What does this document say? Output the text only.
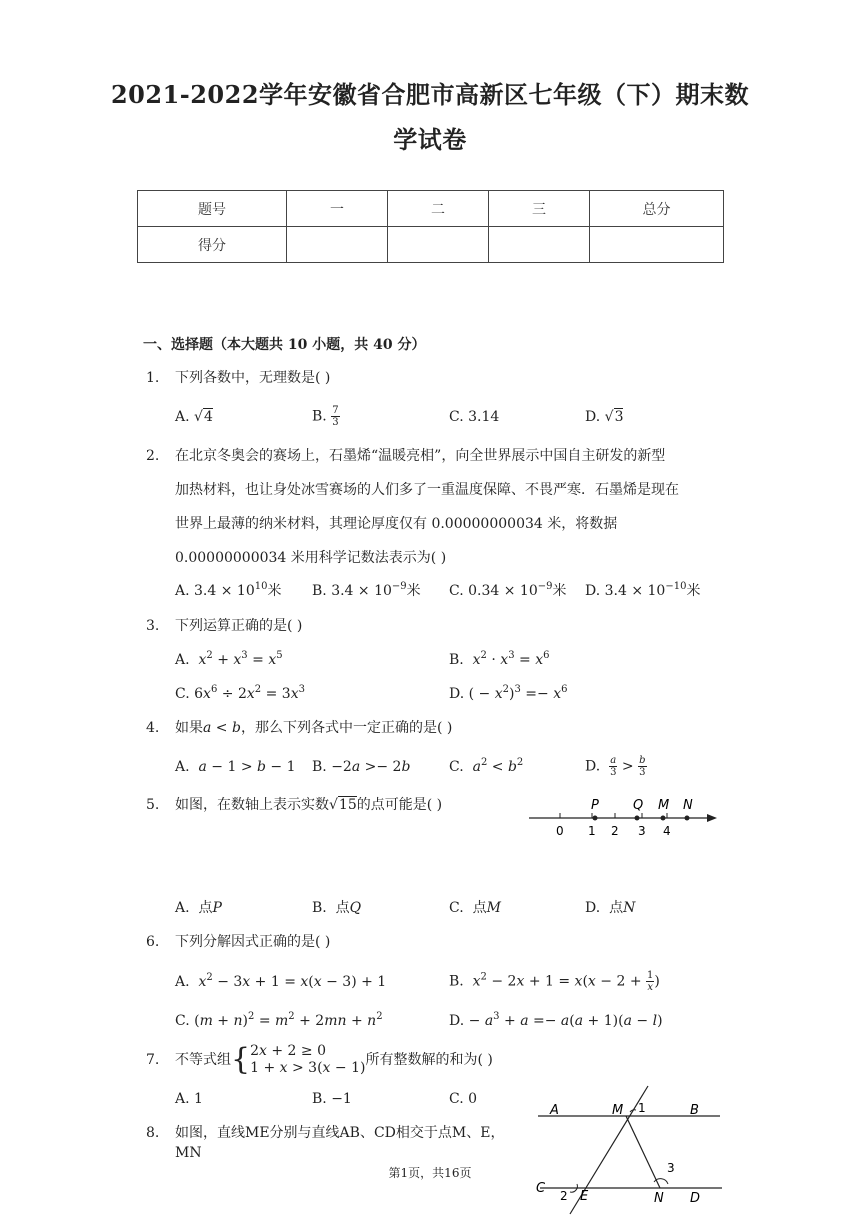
2021-2022学年安徽省合肥市高新区七年级（下）期末数
学试卷
题号	一	二	三	总分
得分				
一、选择题（本大题共 10 小题，共 40 分）
1. 下列各数中，无理数是( )
A. √4	B. $\frac{7}{3}$	C. 3.14	D. √3
2. 在北京冬奥会的赛场上，石墨烯“温暖亮相”，向全世界展示中国自主研发的新型
加热材料，也让身处冰雪赛场的人们多了一重温度保障、不畏严寒．石墨烯是现在
世界上最薄的纳米材料，其理论厚度仅有 0.00000000034 米，将数据
0.00000000034 米用科学记数法表示为( )
A. $3.4 \times 10^{10}$米 B. $3.4 \times 10^{-9}$米 C. $0.34 \times 10^{-9}$米 D. $3.4 \times 10^{-10}$米
3. 下列运算正确的是( )
A.  $x^2 + x^3 = x^5$	B.  $x^2 \cdot x^3 = x^6$
C. $6x^6 \div 2x^2 = 3x^3$	D. ( − $x^2)^3 =- x^6$
4. 如果a < b，那么下列各式中一定正确的是( )
A.  a − 1 > b − 1 B. −2a >− 2b	C.  $a^2 < b^2$	D. $\frac{a}{3} > \frac{b}{3}$
5. 如图，在数轴上表示实数√15的点可能是( )	P	Q M N
0 1 2 3 4
A.  点P	B.  点Q	C.  点M	D.  点N
6. 下列分解因式正确的是( )
A.  $x^2 - 3x + 1 = x(x - 3) + 1$	B.  $x^2 - 2x + 1 = x(x - 2 + \frac{1}{x}$ )
C. $(m + n)^2 = m^2 + 2mn + n^2$	D. − $a^3 + a =- a(a + 1)(a - l)$
7. 不等式组{ 2x + 2 ≥ 0
1 + x > 3(x − 1) 所有整数解的和为( )
A. 1	B. −1	C. 0
8. 如图，直线ME分别与直线AB、CD相交于点M、E，MN
A	M 1	B
C 2 E	N
3
D
第1页，共16页
